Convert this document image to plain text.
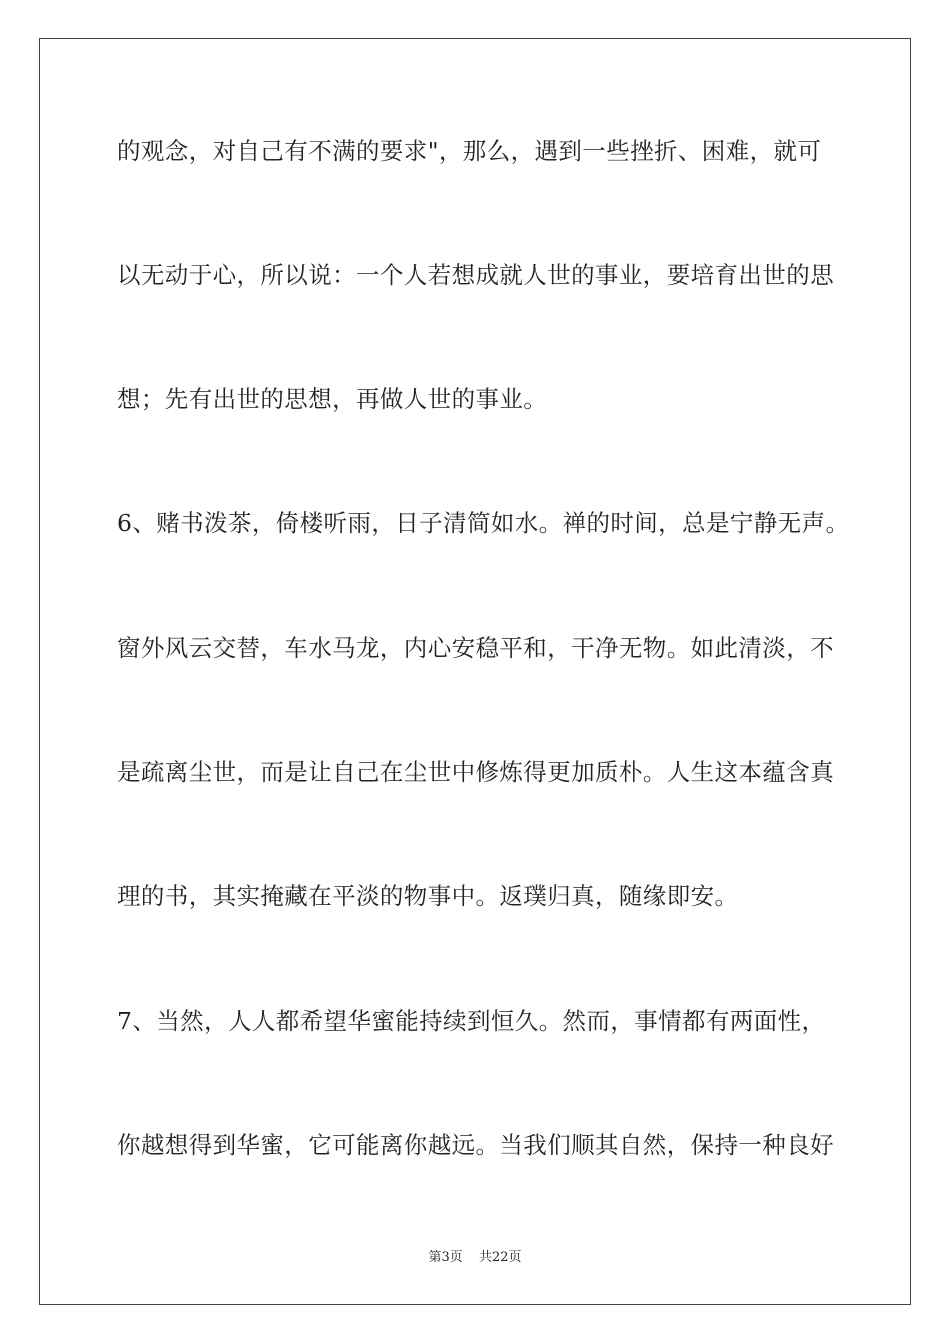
的观念，对自己有不满的要求"，那么，遇到一些挫折、困难，就可
以无动于心，所以说：一个人若想成就人世的事业，要培育出世的思
想；先有出世的思想，再做人世的事业。
6、赌书泼茶，倚楼听雨，日子清简如水。禅的时间，总是宁静无声。
窗外风云交替，车水马龙，内心安稳平和，干净无物。如此清淡，不
是疏离尘世，而是让自己在尘世中修炼得更加质朴。人生这本蕴含真
理的书，其实掩藏在平淡的物事中。返璞归真，随缘即安。
7、当然，人人都希望华蜜能持续到恒久。然而，事情都有两面性，
你越想得到华蜜，它可能离你越远。当我们顺其自然，保持一种良好
第3页 共22页
